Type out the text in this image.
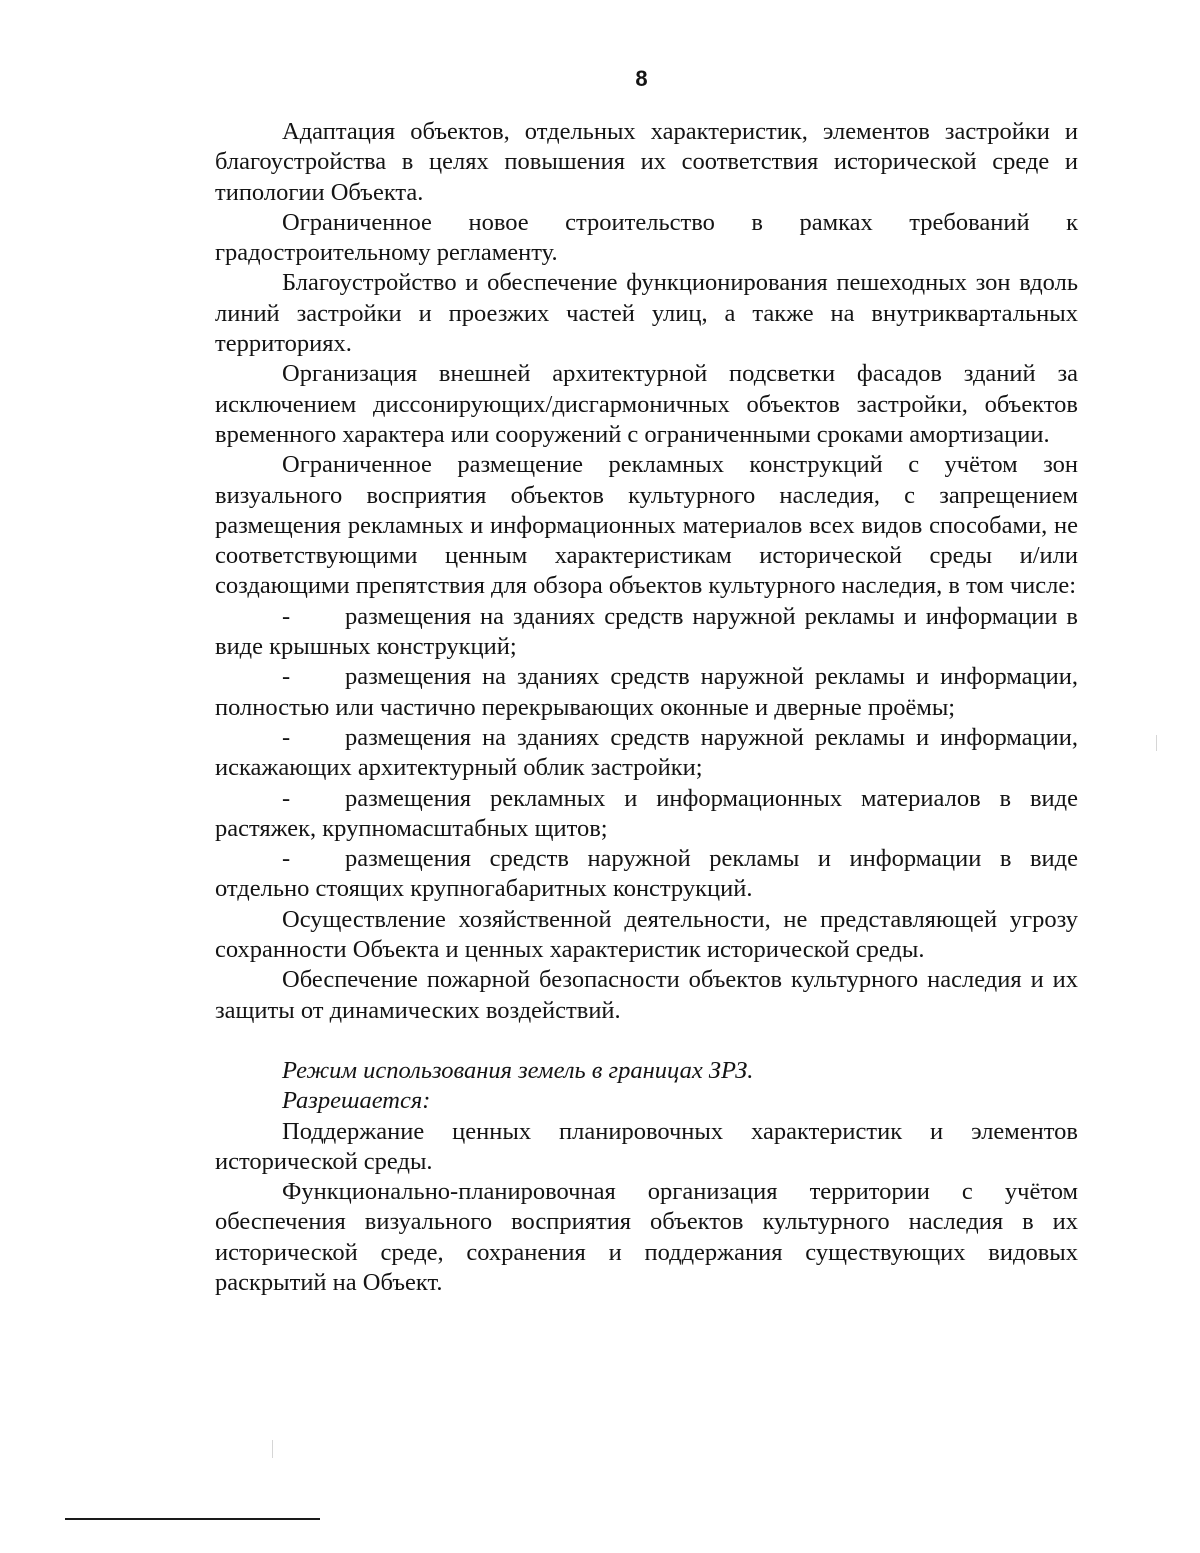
8

Адаптация объектов, отдельных характеристик, элементов застройки и благоустройства в целях повышения их соответствия исторической среде и типологии Объекта.

Ограниченное новое строительство в рамках требований к градостроительному регламенту.

Благоустройство и обеспечение функционирования пешеходных зон вдоль линий застройки и проезжих частей улиц, а также на внутриквартальных территориях.

Организация внешней архитектурной подсветки фасадов зданий за исключением диссонирующих/дисгармоничных объектов застройки, объектов временного характера или сооружений с ограниченными сроками амортизации.

Ограниченное размещение рекламных конструкций с учётом зон визуального восприятия объектов культурного наследия, с запрещением размещения рекламных и информационных материалов всех видов способами, не соответствующими ценным характеристикам исторической среды и/или создающими препятствия для обзора объектов культурного наследия, в том числе:

- размещения на зданиях средств наружной рекламы и информации в виде крышных конструкций;

- размещения на зданиях средств наружной рекламы и информации, полностью или частично перекрывающих оконные и дверные проёмы;

- размещения на зданиях средств наружной рекламы и информации, искажающих архитектурный облик застройки;

- размещения рекламных и информационных материалов в виде растяжек, крупномасштабных щитов;

- размещения средств наружной рекламы и информации в виде отдельно стоящих крупногабаритных конструкций.

Осуществление хозяйственной деятельности, не представляющей угрозу сохранности Объекта и ценных характеристик исторической среды.

Обеспечение пожарной безопасности объектов культурного наследия и их защиты от динамических воздействий.

Режим использования земель в границах ЗРЗ.

Разрешается:

Поддержание ценных планировочных характеристик и элементов исторической среды.

Функционально-планировочная организация территории с учётом обеспечения визуального восприятия объектов культурного наследия в их исторической среде, сохранения и поддержания существующих видовых раскрытий на Объект.
